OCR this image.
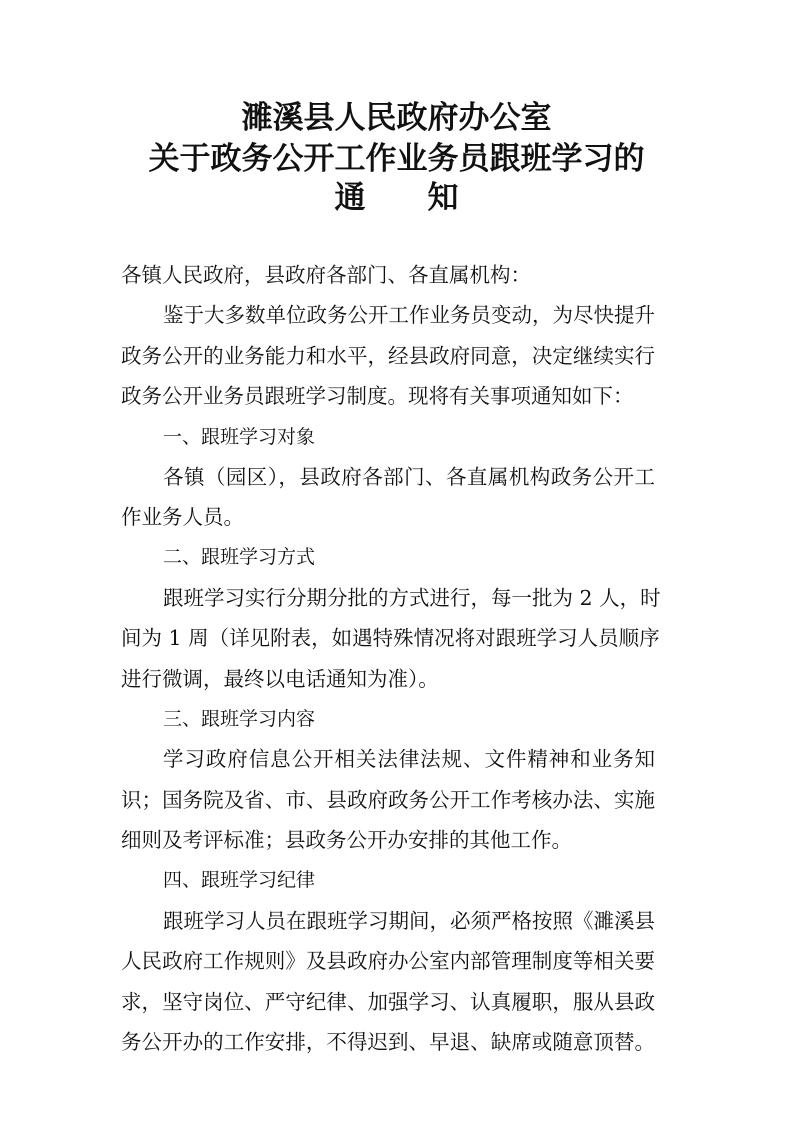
濉溪县人民政府办公室
关于政务公开工作业务员跟班学习的
通 知
各镇人民政府，县政府各部门、各直属机构：
鉴于大多数单位政务公开工作业务员变动，为尽快提升
政务公开的业务能力和水平，经县政府同意，决定继续实行
政务公开业务员跟班学习制度。现将有关事项通知如下：
一、跟班学习对象
各镇（园区），县政府各部门、各直属机构政务公开工
作业务人员。
二、跟班学习方式
跟班学习实行分期分批的方式进行，每一批为 2 人，时
间为 1 周（详见附表，如遇特殊情况将对跟班学习人员顺序
进行微调，最终以电话通知为准）。
三、跟班学习内容
学习政府信息公开相关法律法规、文件精神和业务知
识；国务院及省、市、县政府政务公开工作考核办法、实施
细则及考评标准；县政务公开办安排的其他工作。
四、跟班学习纪律
跟班学习人员在跟班学习期间，必须严格按照《濉溪县
人民政府工作规则》及县政府办公室内部管理制度等相关要
求，坚守岗位、严守纪律、加强学习、认真履职，服从县政
务公开办的工作安排，不得迟到、早退、缺席或随意顶替。
